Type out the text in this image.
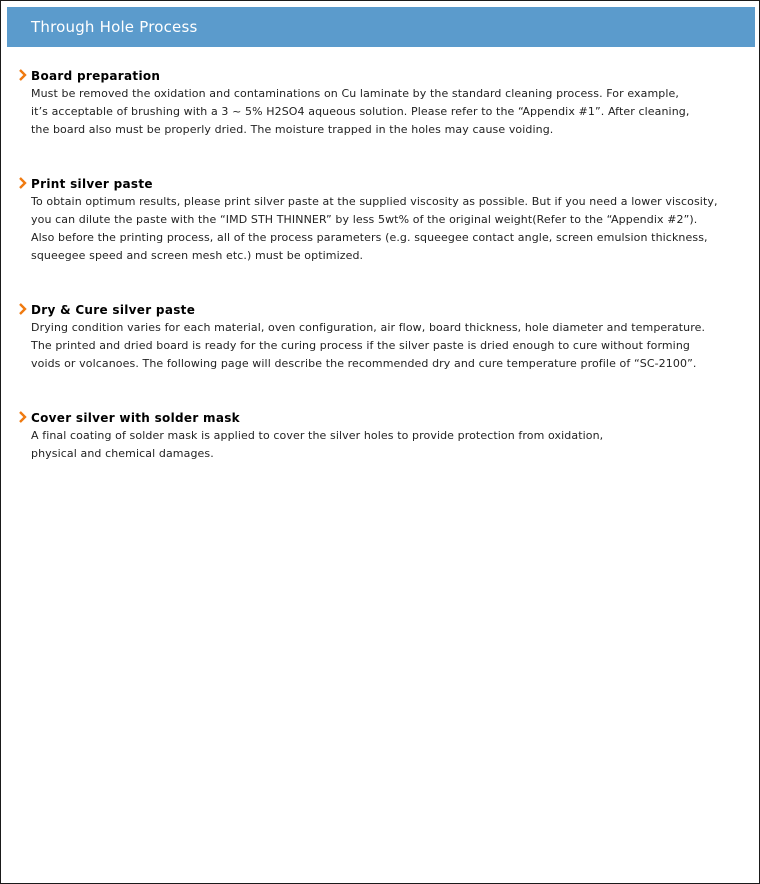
Through Hole Process
Board preparation
Must be removed the oxidation and contaminations on Cu laminate by the standard cleaning process. For example,
it’s acceptable of brushing with a 3 ~ 5% H2SO4 aqueous solution. Please refer to the “Appendix #1”. After cleaning,
the board also must be properly dried. The moisture trapped in the holes may cause voiding.
Print silver paste
To obtain optimum results, please print silver paste at the supplied viscosity as possible. But if you need a lower viscosity,
you can dilute the paste with the “IMD STH THINNER” by less 5wt% of the original weight(Refer to the “Appendix #2”).
Also before the printing process, all of the process parameters (e.g. squeegee contact angle, screen emulsion thickness,
squeegee speed and screen mesh etc.) must be optimized.
Dry & Cure silver paste
Drying condition varies for each material, oven configuration, air flow, board thickness, hole diameter and temperature.
The printed and dried board is ready for the curing process if the silver paste is dried enough to cure without forming
voids or volcanoes. The following page will describe the recommended dry and cure temperature profile of “SC-2100”.
Cover silver with solder mask
A final coating of solder mask is applied to cover the silver holes to provide protection from oxidation,
physical and chemical damages.
